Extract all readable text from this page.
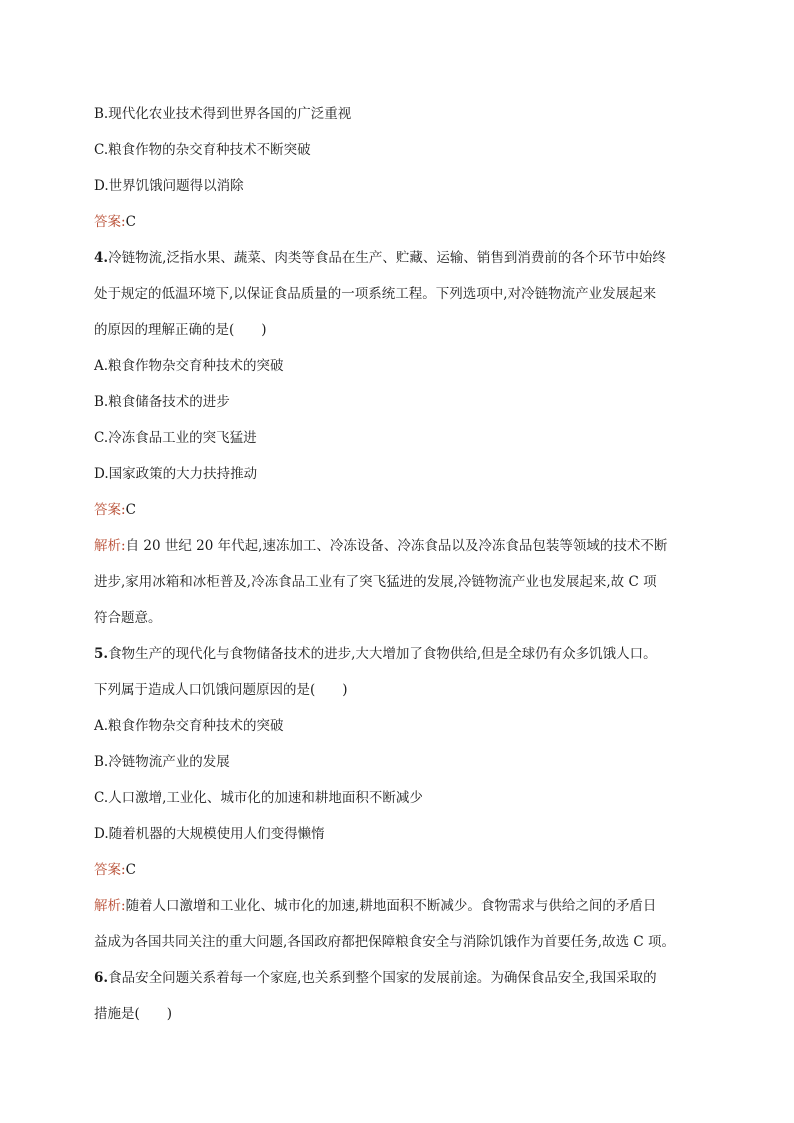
B.现代化农业技术得到世界各国的广泛重视
C.粮食作物的杂交育种技术不断突破
D.世界饥饿问题得以消除
答案:C
4.冷链物流,泛指水果、蔬菜、肉类等食品在生产、贮藏、运输、销售到消费前的各个环节中始终
处于规定的低温环境下,以保证食品质量的一项系统工程。下列选项中,对冷链物流产业发展起来
的原因的理解正确的是(　　)
A.粮食作物杂交育种技术的突破
B.粮食储备技术的进步
C.冷冻食品工业的突飞猛进
D.国家政策的大力扶持推动
答案:C
解析:自 20 世纪 20 年代起,速冻加工、冷冻设备、冷冻食品以及冷冻食品包装等领域的技术不断
进步,家用冰箱和冰柜普及,冷冻食品工业有了突飞猛进的发展,冷链物流产业也发展起来,故 C 项
符合题意。
5.食物生产的现代化与食物储备技术的进步,大大增加了食物供给,但是全球仍有众多饥饿人口。
下列属于造成人口饥饿问题原因的是(　　)
A.粮食作物杂交育种技术的突破
B.冷链物流产业的发展
C.人口激增,工业化、城市化的加速和耕地面积不断减少
D.随着机器的大规模使用人们变得懒惰
答案:C
解析:随着人口激增和工业化、城市化的加速,耕地面积不断减少。食物需求与供给之间的矛盾日
益成为各国共同关注的重大问题,各国政府都把保障粮食安全与消除饥饿作为首要任务,故选 C 项。
6.食品安全问题关系着每一个家庭,也关系到整个国家的发展前途。为确保食品安全,我国采取的
措施是(　　)
